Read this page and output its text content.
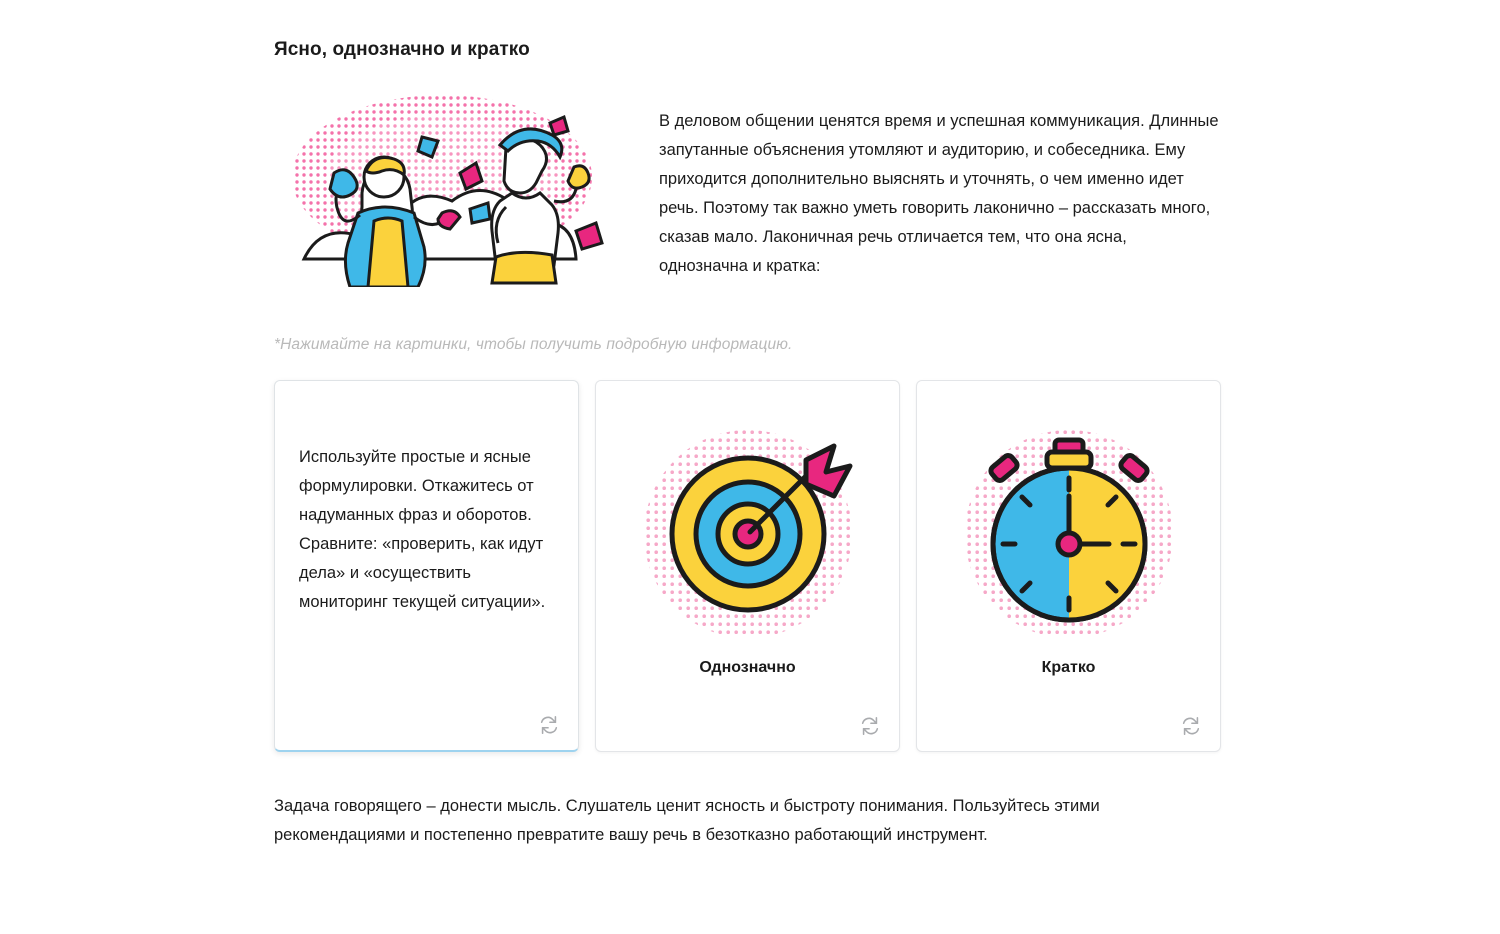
Ясно, однозначно и кратко

В деловом общении ценятся время и успешная коммуникация. Длинные запутанные объяснения утомляют и аудиторию, и собеседника. Ему приходится дополнительно выяснять и уточнять, о чем именно идет речь. Поэтому так важно уметь говорить лаконично – рассказать много, сказав мало. Лаконичная речь отличается тем, что она ясна, однозначна и кратка:

*Нажимайте на картинки, чтобы получить подробную информацию.

Используйте простые и ясные формулировки. Откажитесь от надуманных фраз и оборотов. Сравните: «проверить, как идут дела» и «осуществить мониторинг текущей ситуации».
Однозначно	Кратко

Задача говорящего – донести мысль. Слушатель ценит ясность и быстроту понимания. Пользуйтесь этими рекомендациями и постепенно превратите вашу речь в безотказно работающий инструмент.
